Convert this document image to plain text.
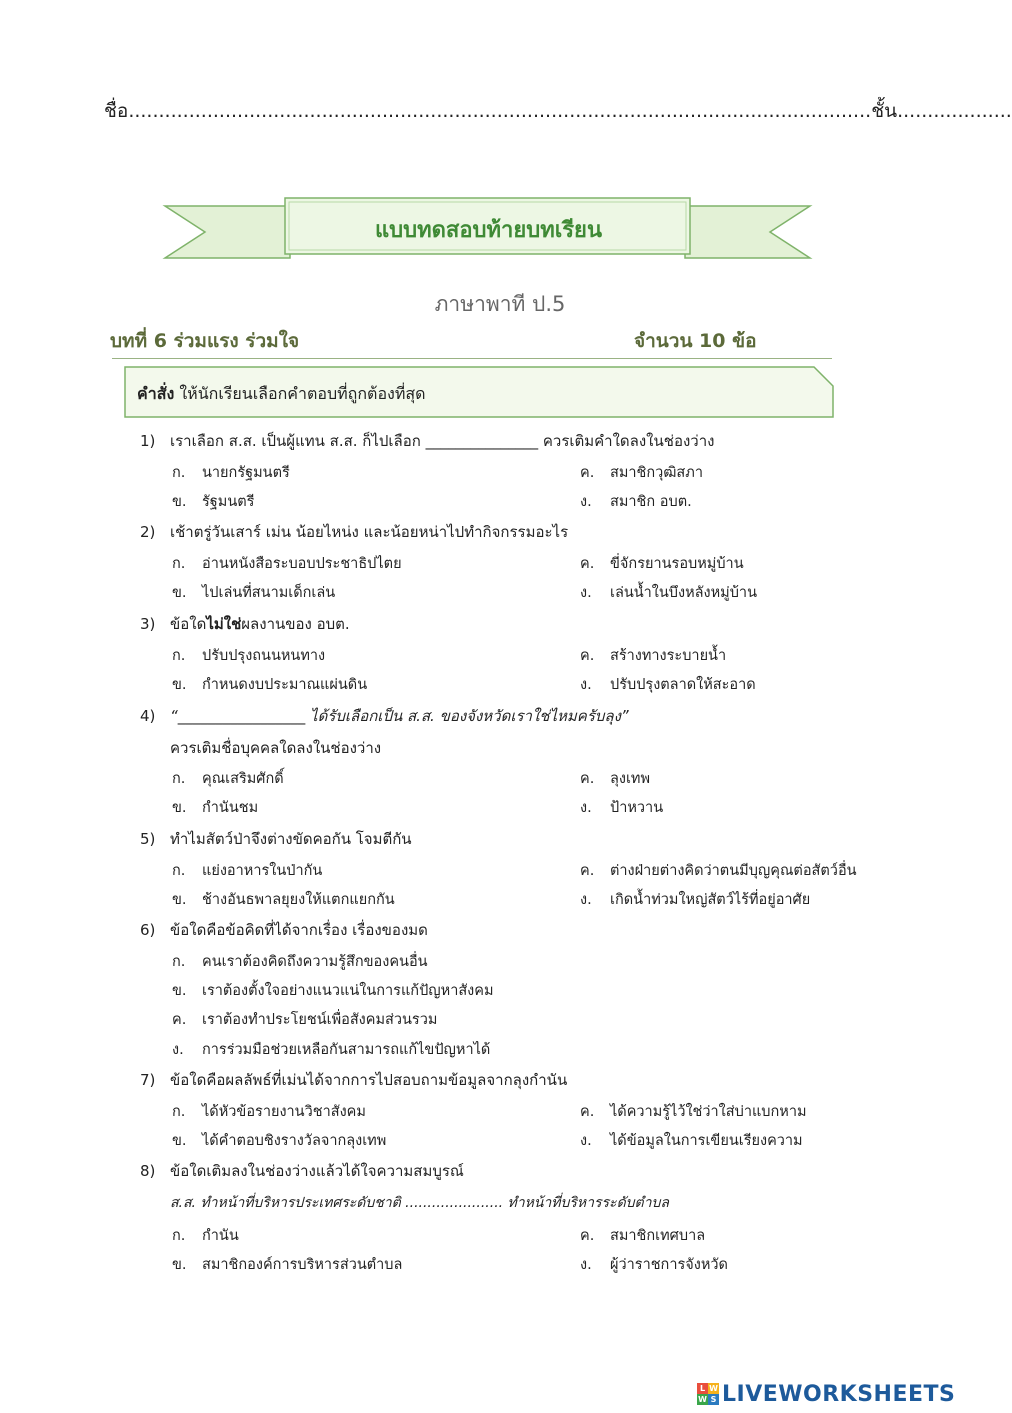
ชื่อ...........................................................................................................................ชั้น...................
แบบทดสอบท้ายบทเรียน
ภาษาพาที ป.5
บทที่ 6 ร่วมแรง ร่วมใจ	จำนวน 10 ข้อ
คำสั่ง ให้นักเรียนเลือกคำตอบที่ถูกต้องที่สุด
1) เราเลือก ส.ส. เป็นผู้แทน ส.ส. ก็ไปเลือก _______________ ควรเติมคำใดลงในช่องว่าง
ก. นายกรัฐมนตรี	ค. สมาชิกวุฒิสภา
ข. รัฐมนตรี	ง. สมาชิก อบต.
2) เช้าตรู่วันเสาร์ เม่น น้อยไหน่ง และน้อยหน่าไปทำกิจกรรมอะไร
ก. อ่านหนังสือระบอบประชาธิปไตย	ค. ขี่จักรยานรอบหมู่บ้าน
ข. ไปเล่นที่สนามเด็กเล่น	ง. เล่นน้ำในบึงหลังหมู่บ้าน
3) ข้อใดไม่ใช่ผลงานของ อบต.
ก. ปรับปรุงถนนหนทาง	ค. สร้างทางระบายน้ำ
ข. กำหนดงบประมาณแผ่นดิน	ง. ปรับปรุงตลาดให้สะอาด
4) “_________________ ได้รับเลือกเป็น ส.ส. ของจังหวัดเราใช่ไหมครับลุง”
ควรเติมชื่อบุคคลใดลงในช่องว่าง
ก. คุณเสริมศักดิ์	ค. ลุงเทพ
ข. กำนันชม	ง. ป้าหวาน
5) ทำไมสัตว์ป่าจึงต่างขัดคอกัน โจมตีกัน
ก. แย่งอาหารในป่ากัน	ค. ต่างฝ่ายต่างคิดว่าตนมีบุญคุณต่อสัตว์อื่น
ข. ช้างอันธพาลยุยงให้แตกแยกกัน	ง. เกิดน้ำท่วมใหญ่สัตว์ไร้ที่อยู่อาศัย
6) ข้อใดคือข้อคิดที่ได้จากเรื่อง เรื่องของมด
ก. คนเราต้องคิดถึงความรู้สึกของคนอื่น
ข. เราต้องตั้งใจอย่างแนวแน่ในการแก้ปัญหาสังคม
ค. เราต้องทำประโยชน์เพื่อสังคมส่วนรวม
ง. การร่วมมือช่วยเหลือกันสามารถแก้ไขปัญหาได้
7) ข้อใดคือผลลัพธ์ที่เม่นได้จากการไปสอบถามข้อมูลจากลุงกำนัน
ก. ได้หัวข้อรายงานวิชาสังคม	ค. ได้ความรู้ไว้ใช่ว่าใส่บ่าแบกหาม
ข. ได้คำตอบชิงรางวัลจากลุงเทพ	ง. ได้ข้อมูลในการเขียนเรียงความ
8) ข้อใดเติมลงในช่องว่างแล้วได้ใจความสมบูรณ์
ส.ส. ทำหน้าที่บริหารประเทศระดับชาติ ...................... ทำหน้าที่บริหารระดับตำบล
ก. กำนัน	ค. สมาชิกเทศบาล
ข. สมาชิกองค์การบริหารส่วนตำบล	ง. ผู้ว่าราชการจังหวัด
L W
W S LIVEWORKSHEETS
